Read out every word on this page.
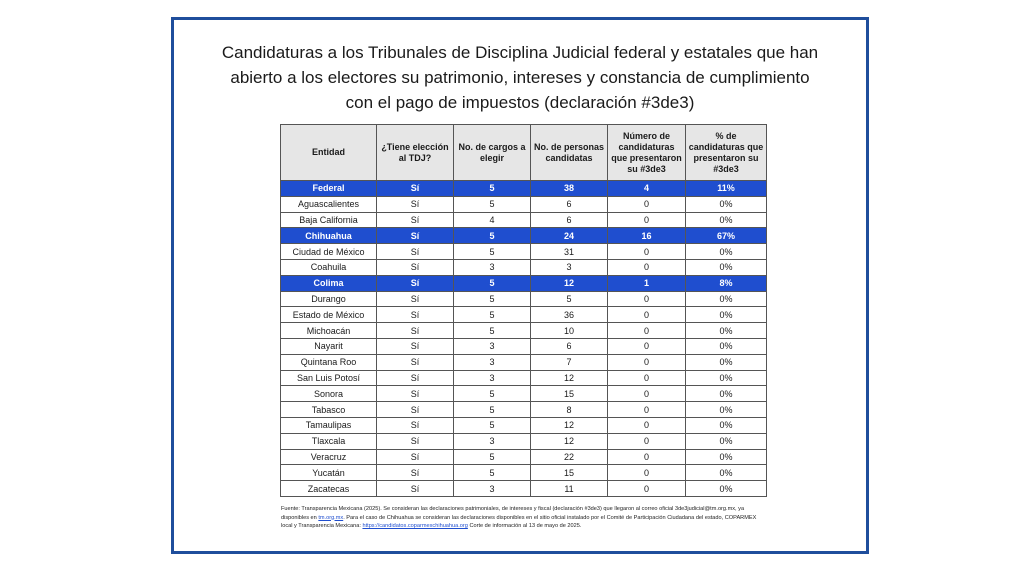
Candidaturas a los Tribunales de Disciplina Judicial federal y estatales que han
abierto a los electores su patrimonio, intereses y constancia de cumplimiento
con el pago de impuestos (declaración #3de3)
Entidad	¿Tiene elección al TDJ?	No. de cargos a elegir	No. de personas candidatas	Número de candidaturas que presentaron su #3de3	% de candidaturas que presentaron su #3de3
Federal	Sí	5	38	4	11%
Aguascalientes	Sí	5	6	0	0%
Baja California	Sí	4	6	0	0%
Chihuahua	Sí	5	24	16	67%
Ciudad de México	Sí	5	31	0	0%
Coahuila	Sí	3	3	0	0%
Colima	Sí	5	12	1	8%
Durango	Sí	5	5	0	0%
Estado de México	Sí	5	36	0	0%
Michoacán	Sí	5	10	0	0%
Nayarit	Sí	3	6	0	0%
Quintana Roo	Sí	3	7	0	0%
San Luis Potosí	Sí	3	12	0	0%
Sonora	Sí	5	15	0	0%
Tabasco	Sí	5	8	0	0%
Tamaulipas	Sí	5	12	0	0%
Tlaxcala	Sí	3	12	0	0%
Veracruz	Sí	5	22	0	0%
Yucatán	Sí	5	15	0	0%
Zacatecas	Sí	3	11	0	0%
Fuente: Transparencia Mexicana (2025). Se consideran las declaraciones patrimoniales, de intereses y fiscal (declaración #3de3) que llegaron al correo oficial 3de3judicial@tm.org.mx, ya disponibles en tm.org.mx. Para el caso de Chihuahua se consideran las declaraciones disponibles en el sitio oficial instalado por el Comité de Participación Ciudadana del estado, COPARMEX local y Transparencia Mexicana: https://candidatos.coparmexchihuahua.org Corte de información al 13 de mayo de 2025.
